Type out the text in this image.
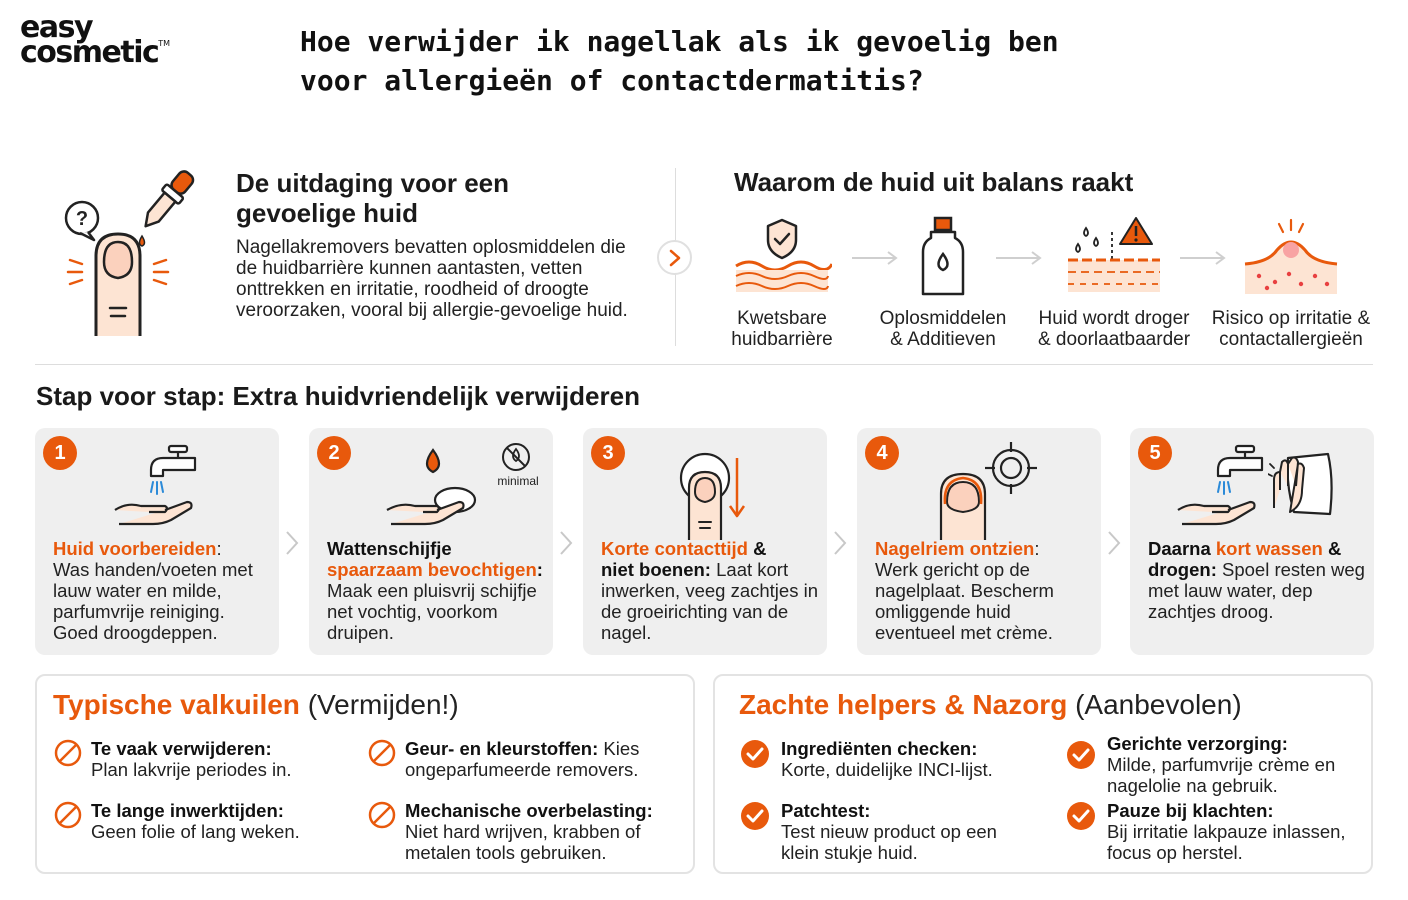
easy
cosmetic™	Hoe verwijder ik nagellak als ik gevoelig ben voor allergieën of contactdermatitis?
?
De uitdaging voor een gevoelige huid
Nagellakremovers bevatten oplosmiddelen die de huidbarrière kunnen aantasten, vetten onttrekken en irritatie, roodheid of droogte veroorzaken, vooral bij allergie-gevoelige huid.
Waarom de huid uit balans raakt
Kwetsbare
huidbarrière
Oplosmiddelen
& Additieven
Huid wordt droger
& doorlaatbaarder
Risico op irritatie &
contactallergieën
Stap voor stap: Extra huidvriendelijk verwijderen
1
Huid voorbereiden:
Was handen/voeten met lauw water en milde, parfumvrije reiniging. Goed droogdeppen.
2
minimal
Wattenschijfje
spaarzaam bevochtigen:
Maak een pluisvrij schijfje net vochtig, voorkom druipen.
3
Korte contacttijd &
niet boenen: Laat kort inwerken, veeg zachtjes in de groeirichting van de nagel.
4
Nagelriem ontzien:
Werk gericht op de nagelplaat. Bescherm omliggende huid eventueel met crème.
5
Daarna kort wassen &
drogen: Spoel resten weg met lauw water, dep zachtjes droog.
Typische valkuilen (Vermijden!)
Te vaak verwijderen:
Plan lakvrije periodes in.
Geur- en kleurstoffen: Kies ongeparfumeerde removers.
Te lange inwerktijden:
Geen folie of lang weken.
Mechanische overbelasting:
Niet hard wrijven, krabben of metalen tools gebruiken.
Zachte helpers & Nazorg (Aanbevolen)
Ingrediënten checken:
Korte, duidelijke INCI-lijst.
Gerichte verzorging:
Milde, parfumvrije crème en nagelolie na gebruik.
Patchtest:
Test nieuw product op een klein stukje huid.
Pauze bij klachten:
Bij irritatie lakpauze inlassen, focus op herstel.
